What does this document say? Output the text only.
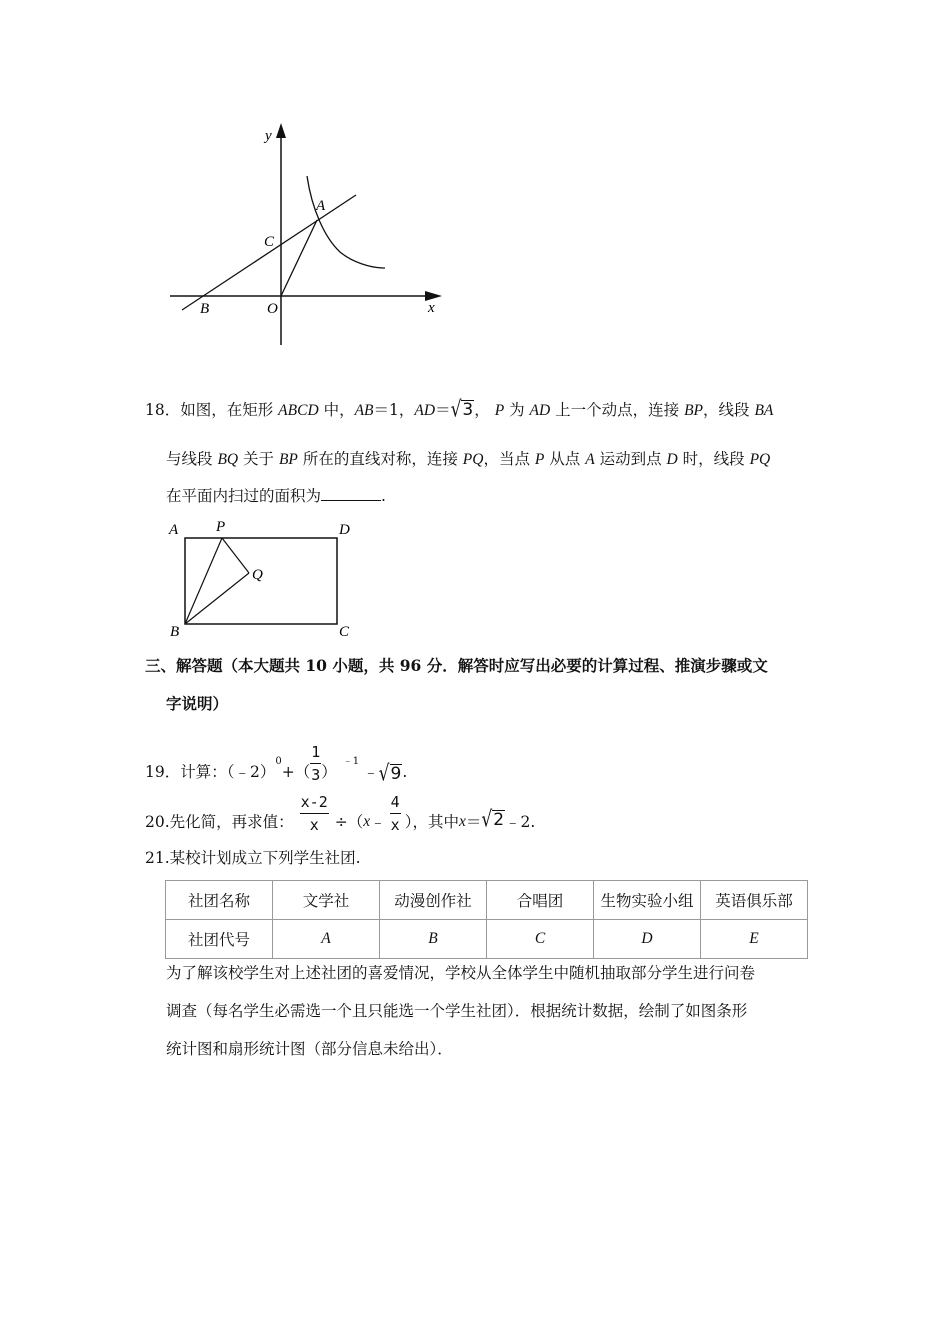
y
x
A
C
B	O
18．如图，在矩形 ABCD 中，AB＝1，AD＝√3， P 为 AD 上一个动点，连接 BP，线段 BA
与线段 BQ 关于 BP 所在的直线对称，连接 PQ，当点 P 从点 A 运动到点 D 时，线段 PQ
在平面内扫过的面积为	.
A	P	D
Q
B	C
三、解答题（本大题共 10 小题，共 96 分．解答时应写出必要的计算过程、推演步骤或文
字说明）
19．计算：（﹣2）
$^0$
+（ $\frac{1}{3}$ ）
$^{﹣1}$
﹣ √9 .
20.先化简，再求值： $\frac{x-2}{x}$ ÷（ x ﹣ $\frac{4}{x}$ ），其中 x ＝ √2 ﹣2.
21.某校计划成立下列学生社团.
社团名称	文学社	动漫创作社	合唱团	生物实验小组	英语俱乐部
社团代号	A	B	C	D	E
为了解该校学生对上述社团的喜爱情况，学校从全体学生中随机抽取部分学生进行问卷
调查（每名学生必需选一个且只能选一个学生社团）．根据统计数据，绘制了如图条形
统计图和扇形统计图（部分信息未给出）．
